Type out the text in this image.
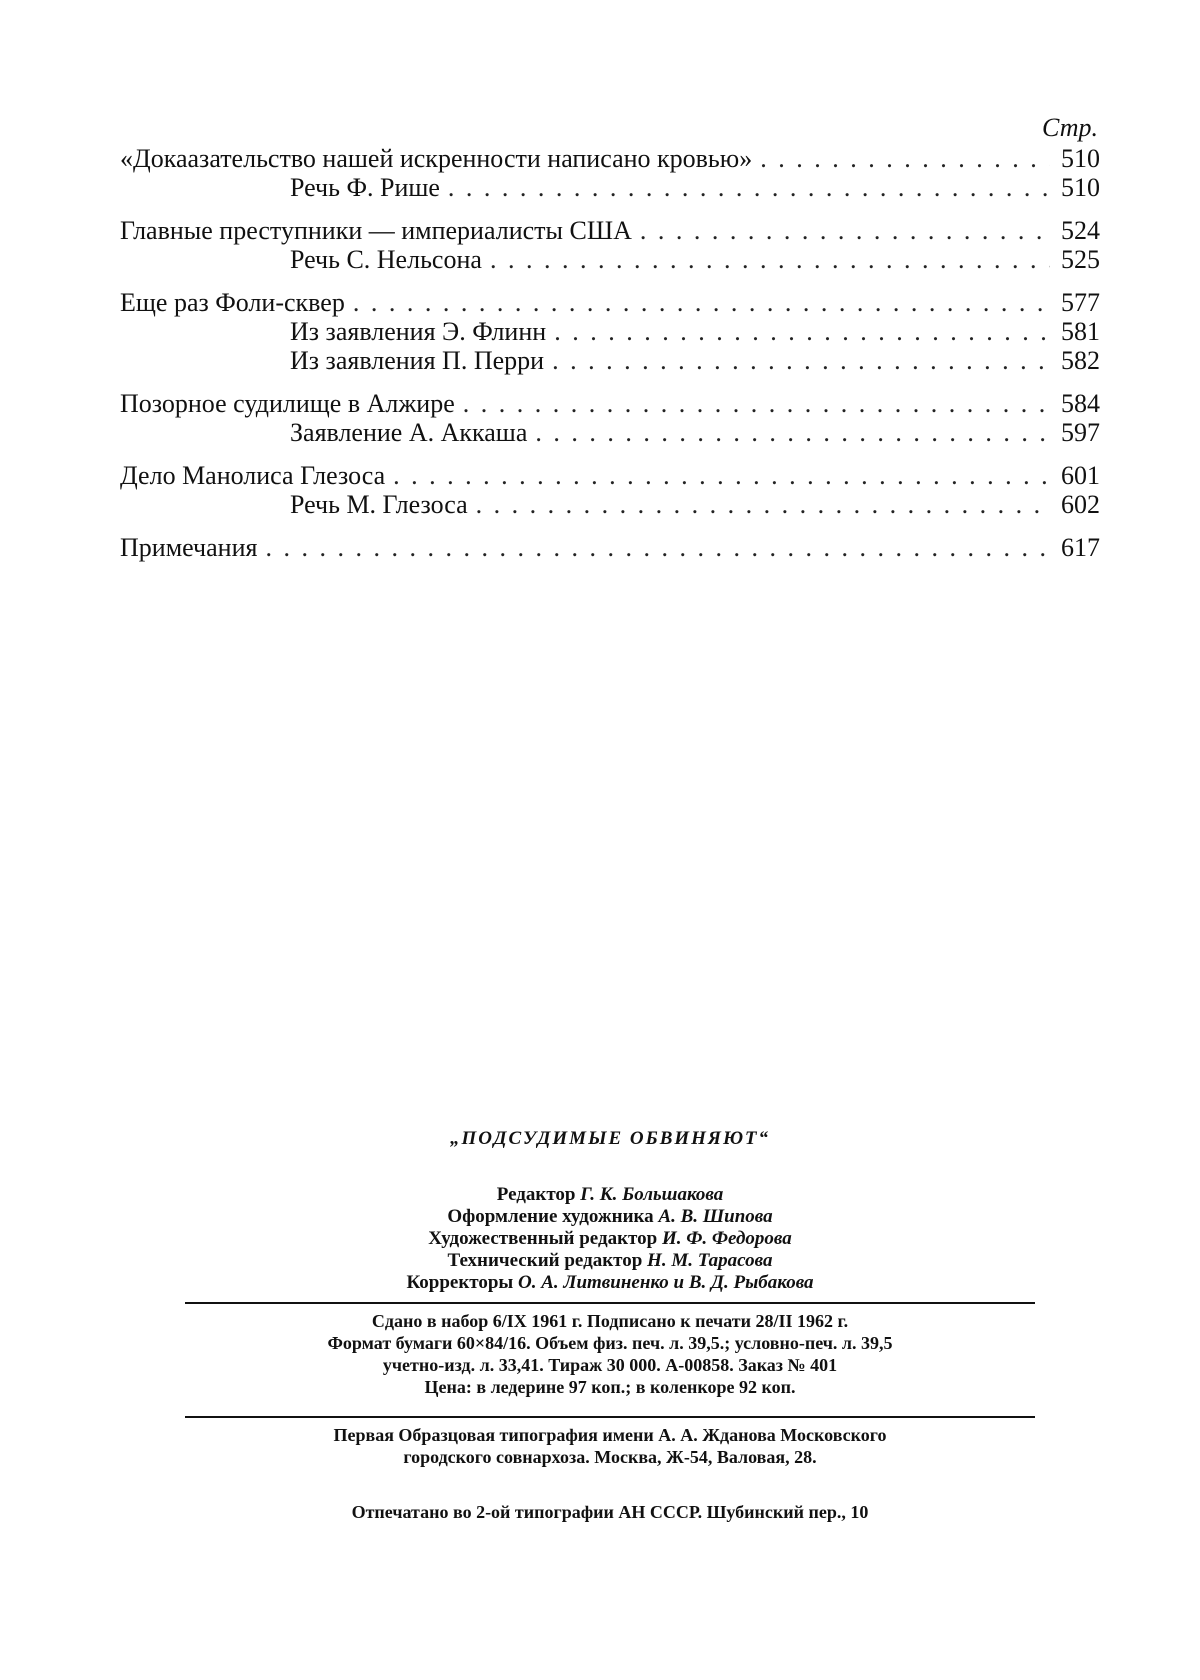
Стр.
«Докаазательство нашей искренности написано кровью» . . .	510
Речь Ф. Рише . . .	510
Главные преступники — империалисты США . . .	524
Речь С. Нельсона . . .	525
Еще раз Фоли-сквер . . .	577
Из заявления Э. Флинн . . .	581
Из заявления П. Перри . . .	582
Позорное судилище в Алжире . . .	584
Заявление А. Аккаша . . .	597
Дело Манолиса Глезоса . . .	601
Речь М. Глезоса . . .	602
Примечания . . .	617
„ПОДСУДИМЫЕ ОБВИНЯЮТ“
Редактор Г. К. Большакова
Оформление художника А. В. Шипова
Художественный редактор И. Ф. Федорова
Технический редактор Н. М. Тарасова
Корректоры О. А. Литвиненко и В. Д. Рыбакова
Сдано в набор 6/IX 1961 г. Подписано к печати 28/II 1962 г.
Формат бумаги 60×84/16. Объем физ. печ. л. 39,5.; условно-печ. л. 39,5
учетно-изд. л. 33,41. Тираж 30 000. А-00858. Заказ № 401
Цена: в ледерине 97 коп.; в коленкоре 92 коп.
Первая Образцовая типография имени А. А. Жданова Московского
городского совнархоза. Москва, Ж-54, Валовая, 28.
Отпечатано во 2-ой типографии АН СССР. Шубинский пер., 10
